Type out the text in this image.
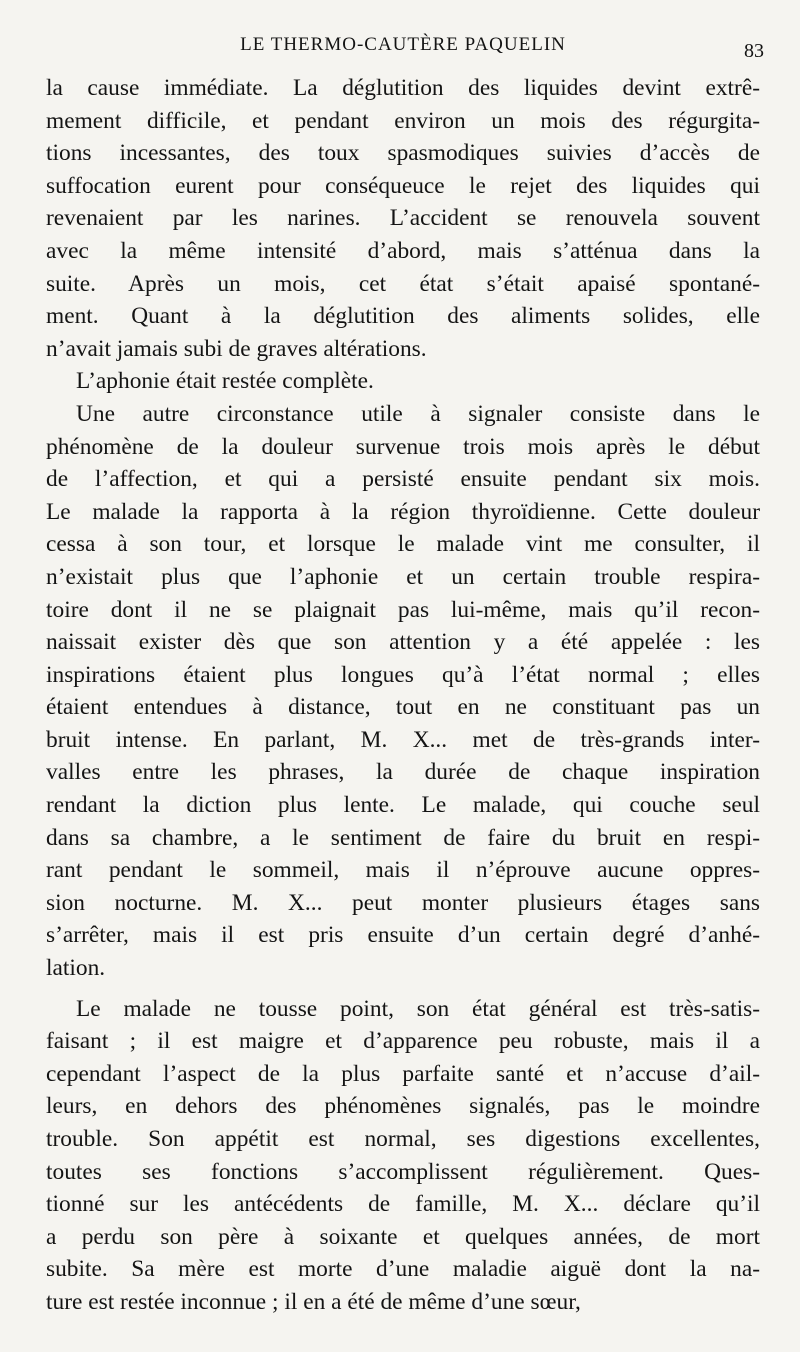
LE THERMO-CAUTÈRE PAQUELIN	83
la cause immédiate. La déglutition des liquides devint extrê-
mement difficile, et pendant environ un mois des régurgita-
tions incessantes, des toux spasmodiques suivies d’accès de
suffocation eurent pour conséqueuce le rejet des liquides qui
revenaient par les narines. L’accident se renouvela souvent
avec la même intensité d’abord, mais s’atténua dans la
suite. Après un mois, cet état s’était apaisé spontané-
ment. Quant à la déglutition des aliments solides, elle
n’avait jamais subi de graves altérations.
L’aphonie était restée complète.
Une autre circonstance utile à signaler consiste dans le
phénomène de la douleur survenue trois mois après le début
de l’affection, et qui a persisté ensuite pendant six mois.
Le malade la rapporta à la région thyroïdienne. Cette douleur
cessa à son tour, et lorsque le malade vint me consulter, il
n’existait plus que l’aphonie et un certain trouble respira-
toire dont il ne se plaignait pas lui-même, mais qu’il recon-
naissait exister dès que son attention y a été appelée : les
inspirations étaient plus longues qu’à l’état normal ; elles
étaient entendues à distance, tout en ne constituant pas un
bruit intense. En parlant, M. X... met de très-grands inter-
valles entre les phrases, la durée de chaque inspiration
rendant la diction plus lente. Le malade, qui couche seul
dans sa chambre, a le sentiment de faire du bruit en respi-
rant pendant le sommeil, mais il n’éprouve aucune oppres-
sion nocturne. M. X... peut monter plusieurs étages sans
s’arrêter, mais il est pris ensuite d’un certain degré d’anhé-
lation.
Le malade ne tousse point, son état général est très-satis-
faisant ; il est maigre et d’apparence peu robuste, mais il a
cependant l’aspect de la plus parfaite santé et n’accuse d’ail-
leurs, en dehors des phénomènes signalés, pas le moindre
trouble. Son appétit est normal, ses digestions excellentes,
toutes ses fonctions s’accomplissent régulièrement. Ques-
tionné sur les antécédents de famille, M. X... déclare qu’il
a perdu son père à soixante et quelques années, de mort
subite. Sa mère est morte d’une maladie aiguë dont la na-
ture est restée inconnue ; il en a été de même d’une sœur,
